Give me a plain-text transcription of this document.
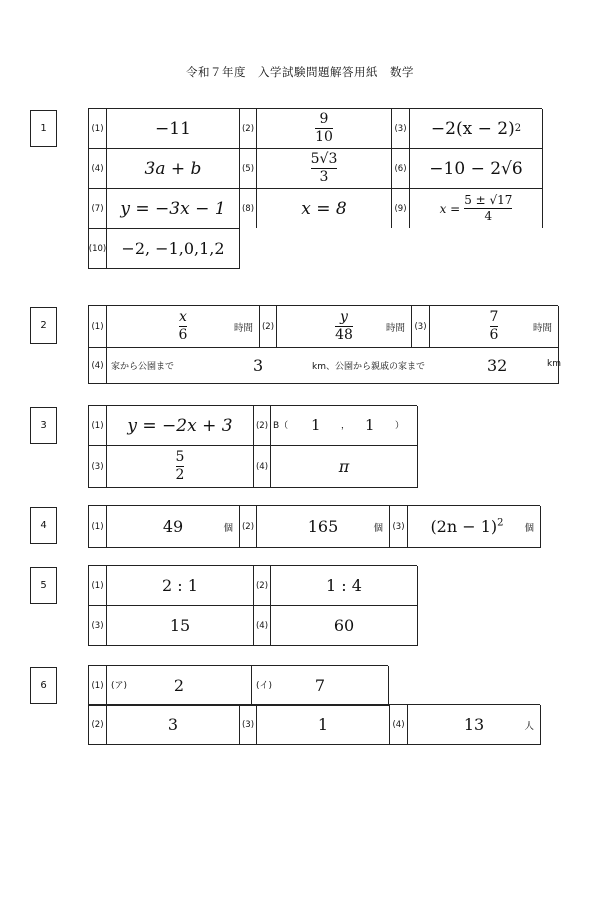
令和７年度　入学試験問題解答用紙　数学
1	(1)	−11	(2)	$\frac{9}{10}$	(3) −2(x − 2) 2
(4)	3a + b	(5)	$\frac{5√3}{3}$	(6)	−10 − 2√6
(7) y = −3x − 1	(8)	x = 8	(9)	$x = \frac{5 \pm √17}{4}$
(10) −2, −1,0,1,2
2	(1)	$\frac{x}{6}$	時間 (2)	$\frac{y}{48}$	時間 (3)	$\frac{7}{6}$	時間
(4) 家から公園まで	3	km、公園から親戚の家まで	32	km
3	(1)	y = −2x + 3	(2) B（ 1 ， 1 ）
(3)	$\frac{5}{2}$	(4)	π
4	(1)	49	個 (2)	165	個 (3) $(2n - 1)^2$ 個
5	(1)	2 : 1	(2)	1 : 4
(3)	15	(4)	60
6	(1) (ア)	2	(イ)	7
(2)	3	(3)	1	(4)	13	人
